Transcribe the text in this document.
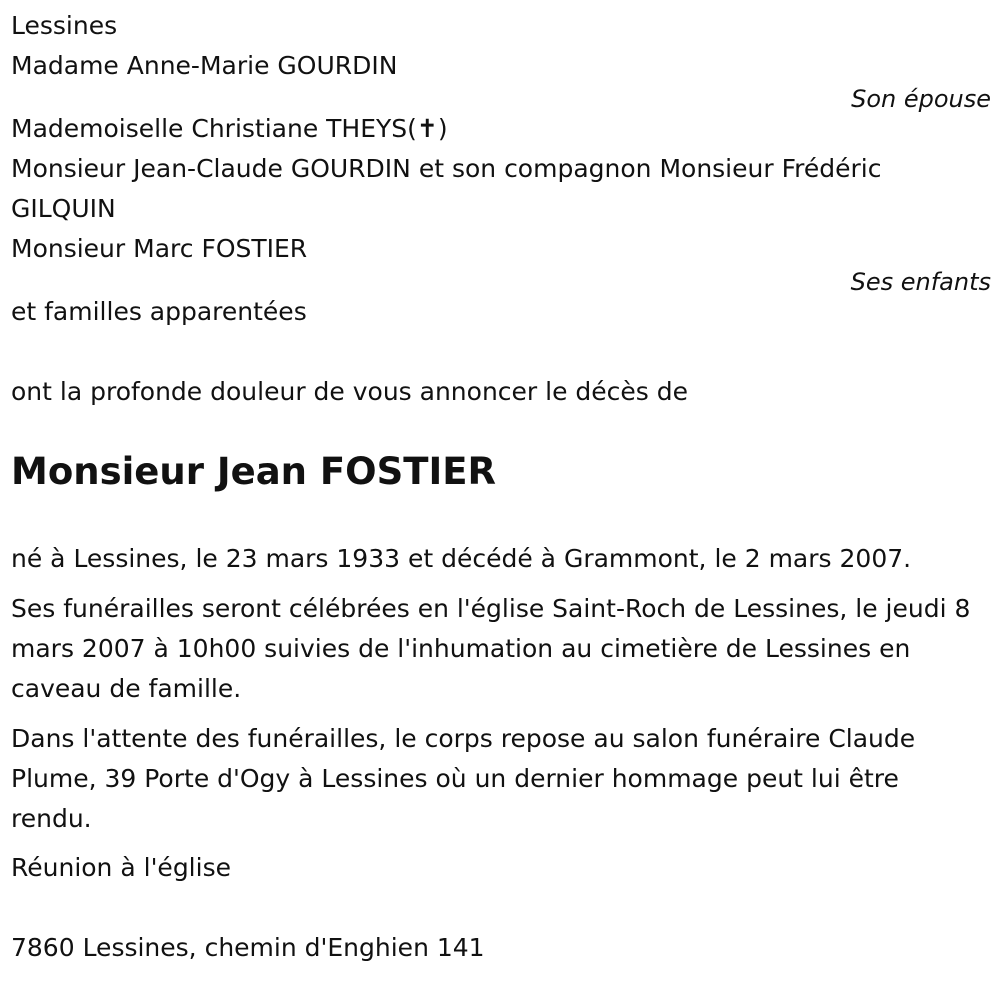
Lessines
Madame Anne-Marie GOURDIN
Son épouse
Mademoiselle Christiane THEYS(✝)
Monsieur Jean-Claude GOURDIN et son compagnon Monsieur Frédéric GILQUIN
Monsieur Marc FOSTIER
Ses enfants
et familles apparentées
ont la profonde douleur de vous annoncer le décès de
Monsieur Jean FOSTIER
né à Lessines, le 23 mars 1933 et décédé à Grammont, le 2 mars 2007.
Ses funérailles seront célébrées en l'église Saint-Roch de Lessines, le jeudi 8 mars 2007 à 10h00 suivies de l'inhumation au cimetière de Lessines en caveau de famille.
Dans l'attente des funérailles, le corps repose au salon funéraire Claude Plume, 39 Porte d'Ogy à Lessines où un dernier hommage peut lui être rendu.
Réunion à l'église
7860 Lessines, chemin d'Enghien 141
